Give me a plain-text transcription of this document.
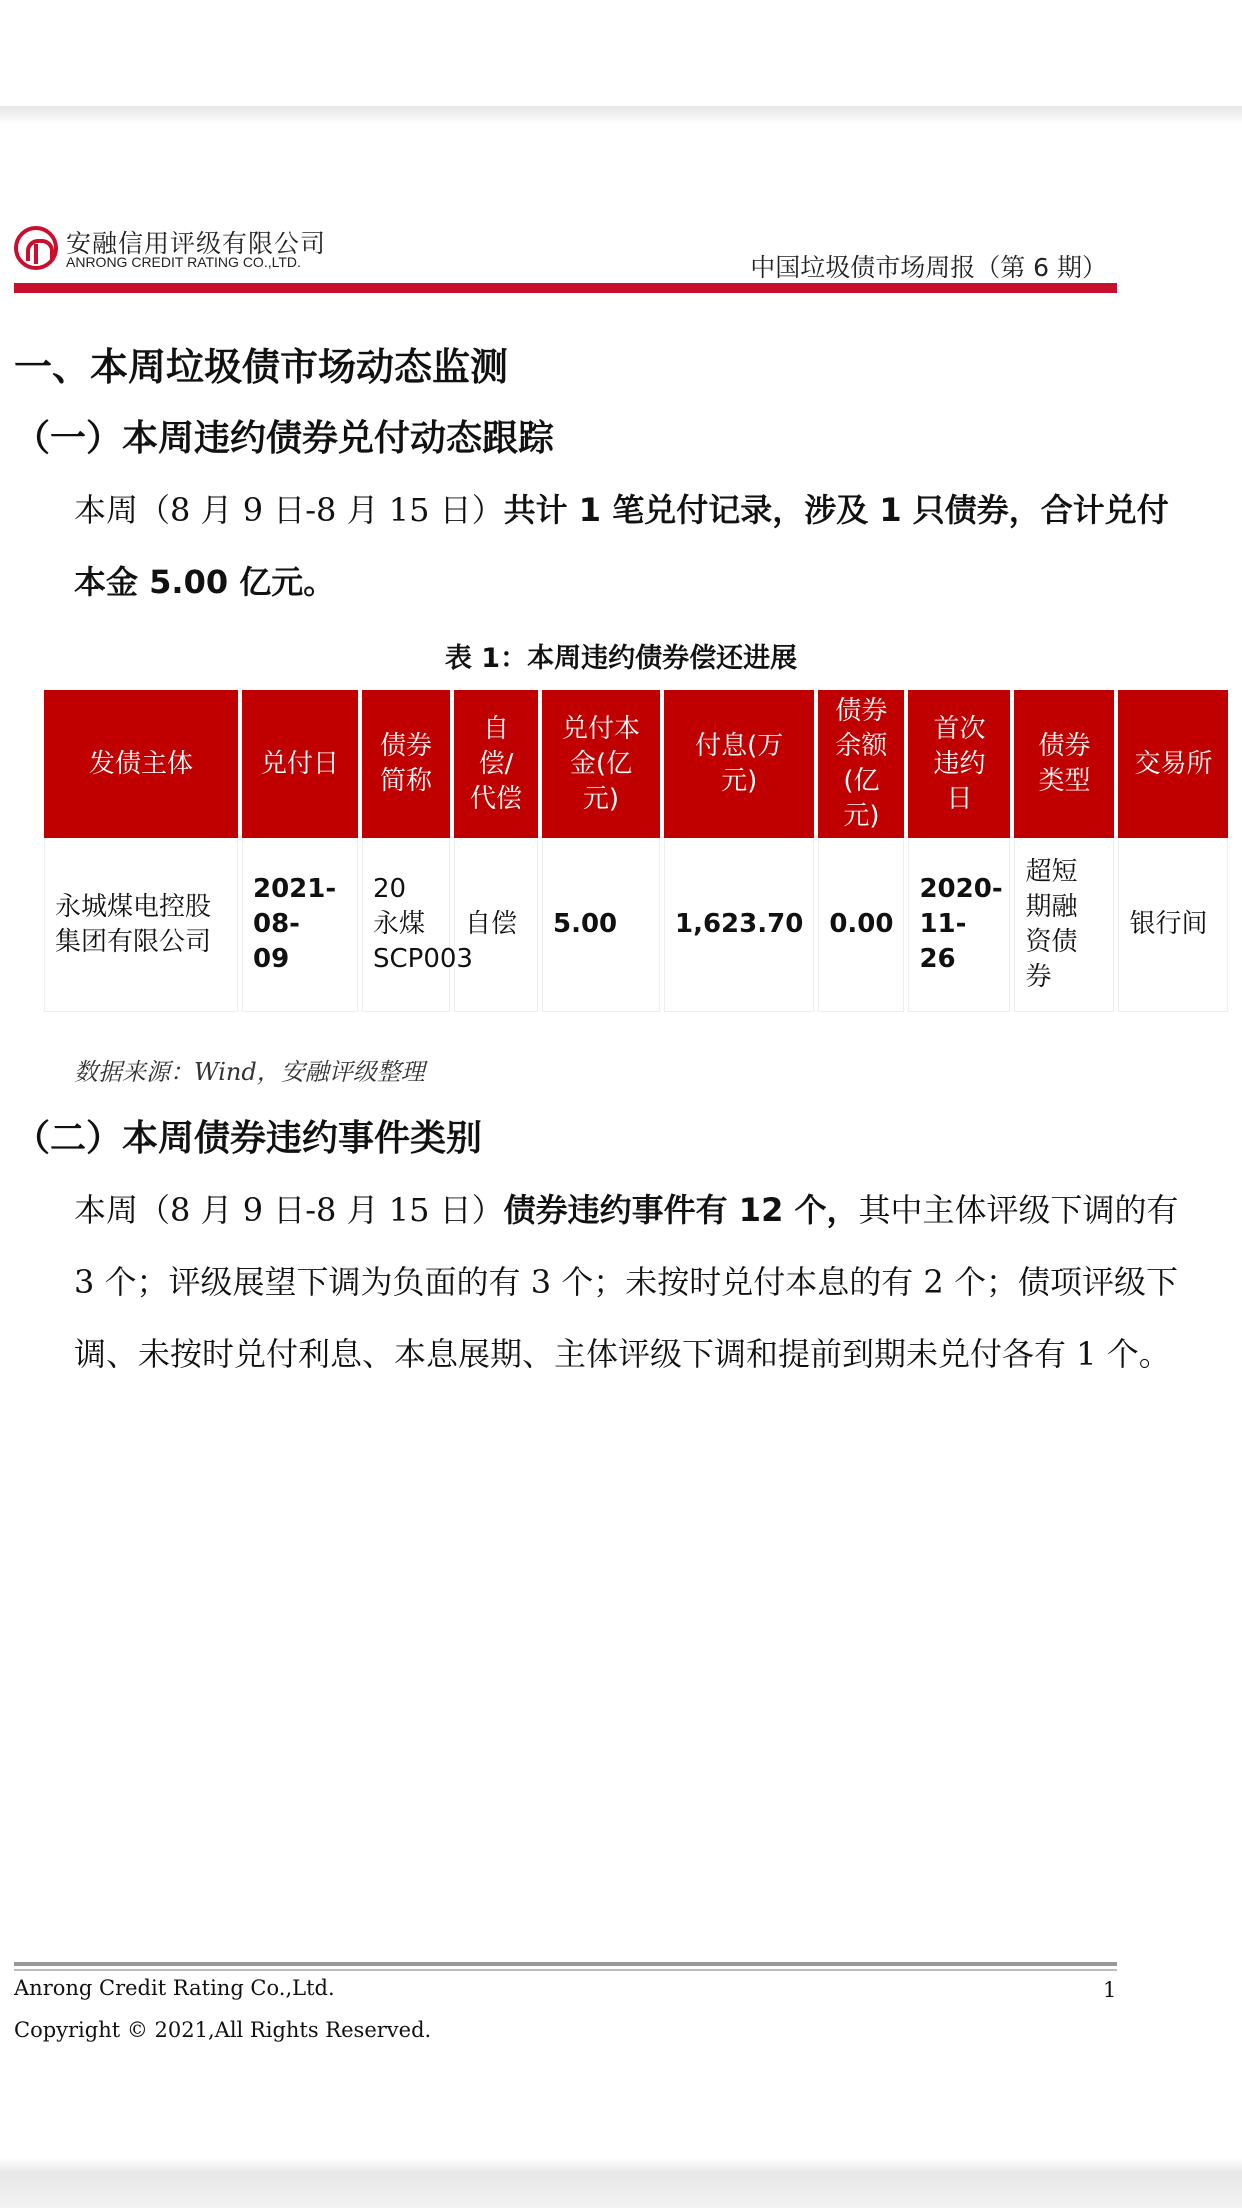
安融信用评级有限公司
ANRONG CREDIT RATING CO.,LTD.	中国垃圾债市场周报（第 6 期）
一、本周垃圾债市场动态监测
（一）本周违约债券兑付动态跟踪
本周（8 月 9 日-8 月 15 日）共计 1 笔兑付记录，涉及 1 只债券，合计兑付本金 5.00 亿元。
表 1：本周违约债券偿还进展
发债主体	兑付日	债券简称	自偿/代偿	兑付本金(亿元)	付息(万元)	债券余额(亿元)	首次违约日	债券类型	交易所

永城煤电控股集团有限公司	2021-08-09	20 永煤 SCP003	自偿	5.00	1,623.70	0.00	2020-11-26	超短期融资债券	银行间
数据来源：Wind，安融评级整理
（二）本周债券违约事件类别
本周（8 月 9 日-8 月 15 日）债券违约事件有 12 个，其中主体评级下调的有 3 个；评级展望下调为负面的有 3 个；未按时兑付本息的有 2 个；债项评级下调、未按时兑付利息、本息展期、主体评级下调和提前到期未兑付各有 1 个。
Anrong Credit Rating Co.,Ltd.
Copyright © 2021,All Rights Reserved.
1
